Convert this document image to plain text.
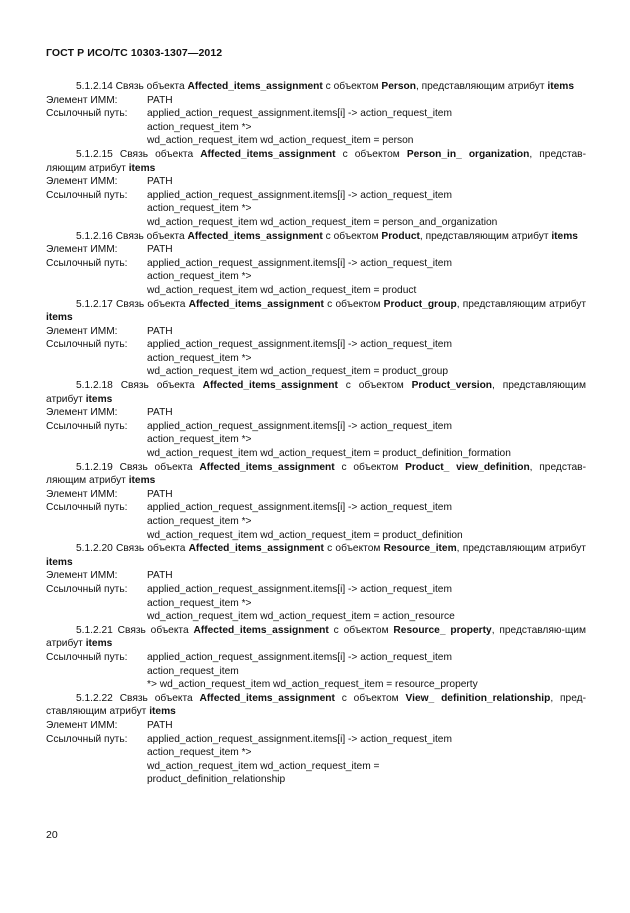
ГОСТ Р ИСО/ТС 10303-1307—2012
5.1.2.14 Связь объекта Affected_items_assignment с объектом Person, представляющим атрибут items
Элемент ИММ:	PATH
Ссылочный путь:	applied_action_request_assignment.items[i] -> action_request_item
action_request_item *>
wd_action_request_item wd_action_request_item = person
5.1.2.15 Связь объекта Affected_items_assignment с объектом Person_in_ organization, представ-ляющим атрибут items
Элемент ИММ:	PATH
Ссылочный путь:	applied_action_request_assignment.items[i] -> action_request_item
action_request_item *>
wd_action_request_item wd_action_request_item = person_and_organization
5.1.2.16 Связь объекта Affected_items_assignment с объектом Product, представляющим атрибут items
Элемент ИММ:	PATH
Ссылочный путь:	applied_action_request_assignment.items[i] -> action_request_item
action_request_item *>
wd_action_request_item wd_action_request_item = product
5.1.2.17 Связь объекта Affected_items_assignment с объектом Product_group, представляющим атрибут items
Элемент ИММ:	PATH
Ссылочный путь:	applied_action_request_assignment.items[i] -> action_request_item
action_request_item *>
wd_action_request_item wd_action_request_item = product_group
5.1.2.18 Связь объекта Affected_items_assignment с объектом Product_version, представляющим атрибут items
Элемент ИММ:	PATH
Ссылочный путь:	applied_action_request_assignment.items[i] -> action_request_item
action_request_item *>
wd_action_request_item wd_action_request_item = product_definition_formation
5.1.2.19 Связь объекта Affected_items_assignment с объектом Product_ view_definition, представ-ляющим атрибут items
Элемент ИММ:	PATH
Ссылочный путь:	applied_action_request_assignment.items[i] -> action_request_item
action_request_item *>
wd_action_request_item wd_action_request_item = product_definition
5.1.2.20 Связь объекта Affected_items_assignment с объектом Resource_item, представляющим атрибут items
Элемент ИММ:	PATH
Ссылочный путь:	applied_action_request_assignment.items[i] -> action_request_item
action_request_item *>
wd_action_request_item wd_action_request_item = action_resource
5.1.2.21 Связь объекта Affected_items_assignment с объектом Resource_ property, представляю-щим атрибут items
Ссылочный путь:	applied_action_request_assignment.items[i] -> action_request_item
action_request_item
*> wd_action_request_item wd_action_request_item = resource_property
5.1.2.22 Связь объекта Affected_items_assignment с объектом View_ definition_relationship, пред-ставляющим атрибут items
Элемент ИММ:	PATH
Ссылочный путь:	applied_action_request_assignment.items[i] -> action_request_item
action_request_item *>
wd_action_request_item wd_action_request_item =
product_definition_relationship
20
